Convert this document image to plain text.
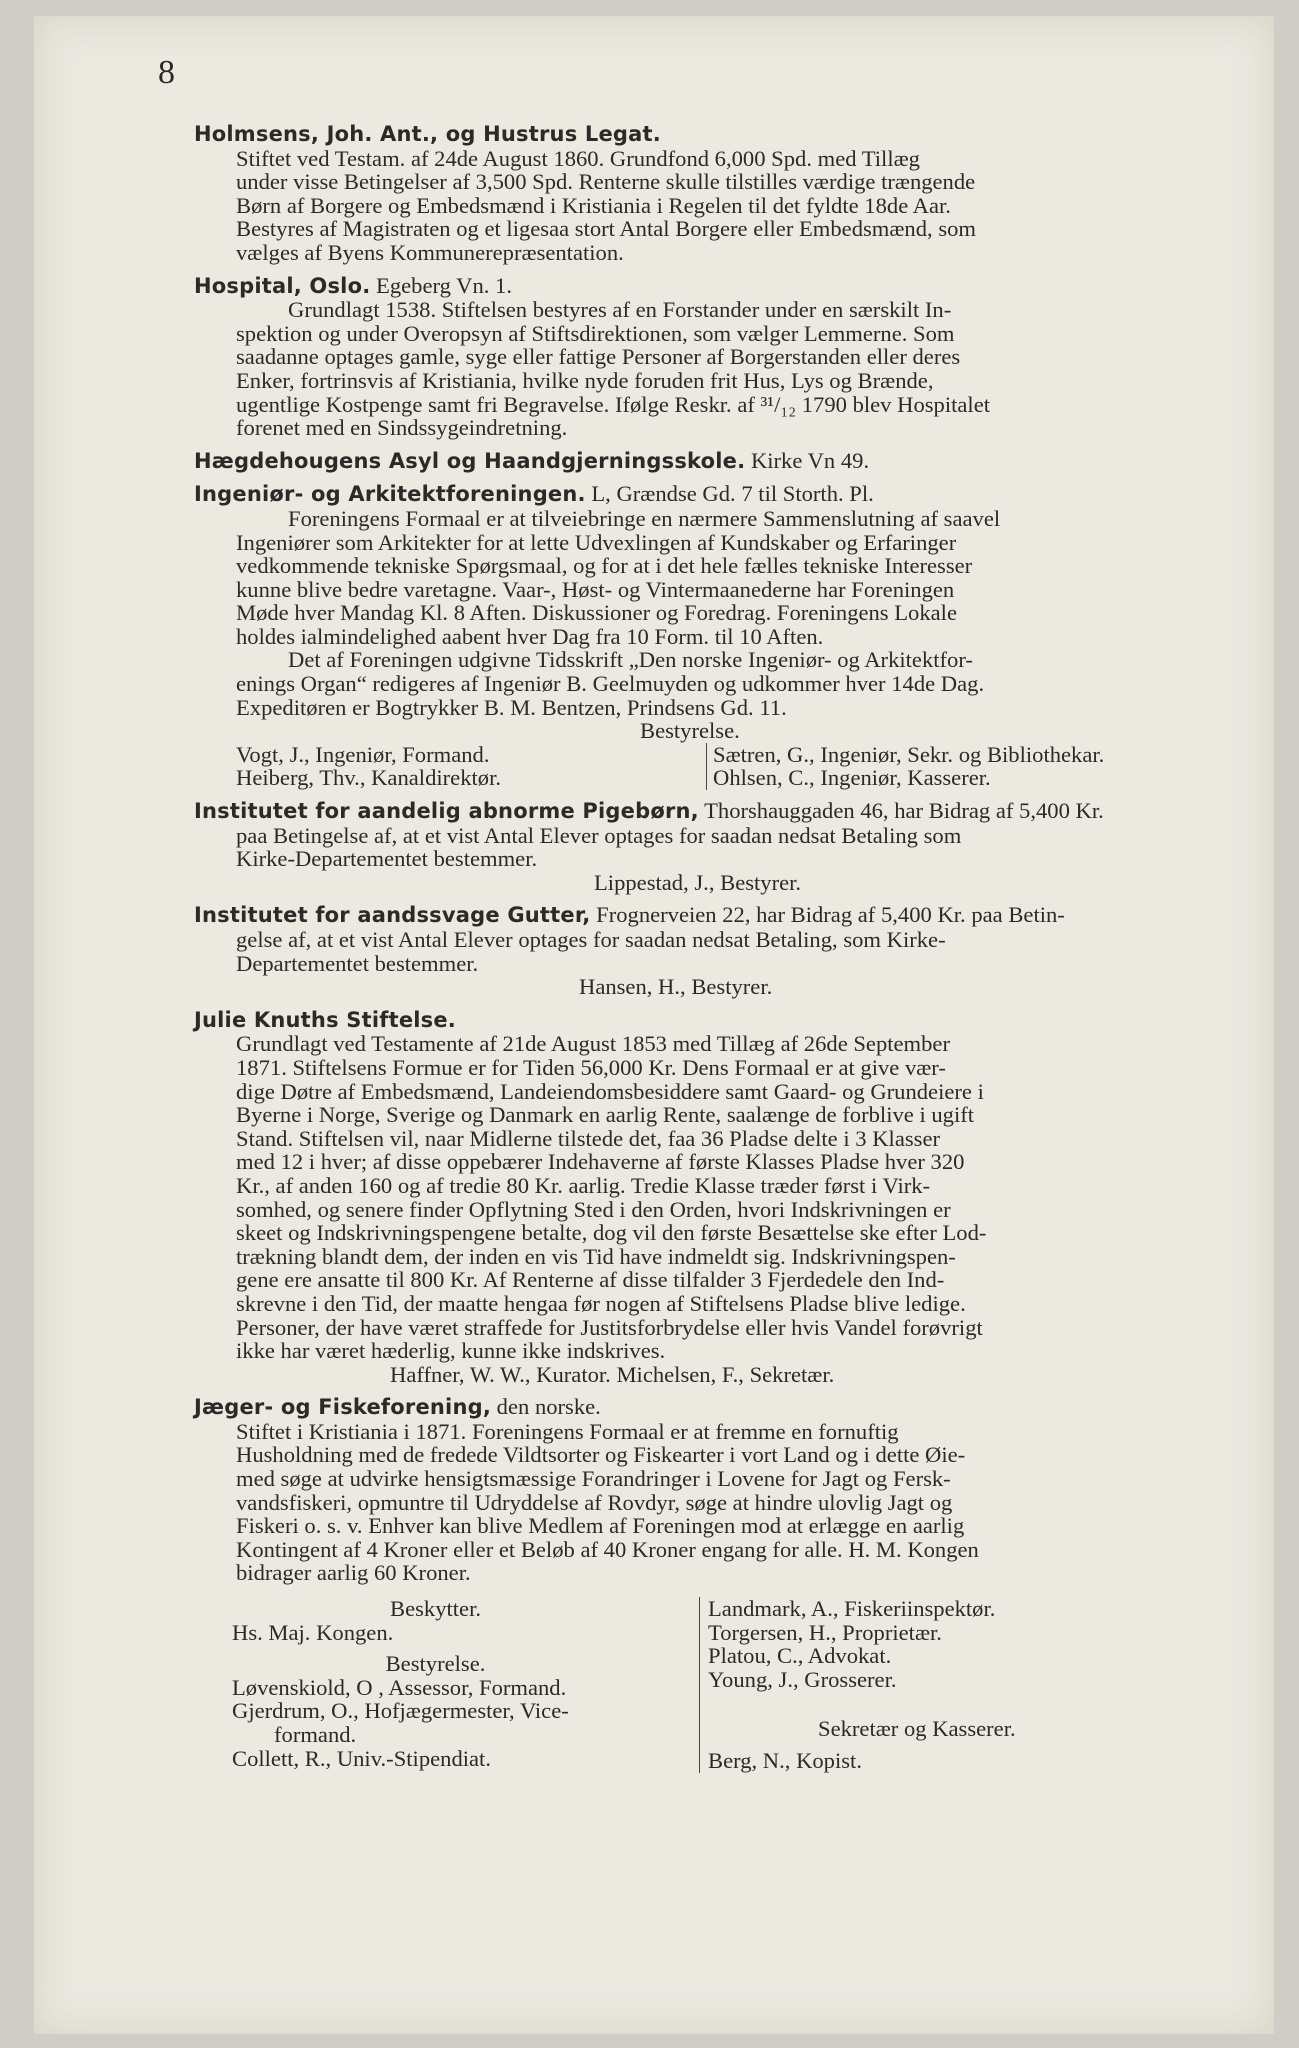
8
Holmsens, Joh. Ant., og Hustrus Legat.
Stiftet ved Testam. af 24de August 1860. Grundfond 6,000 Spd. med Tillæg
under visse Betingelser af 3,500 Spd. Renterne skulle tilstilles værdige trængende
Børn af Borgere og Embedsmænd i Kristiania i Regelen til det fyldte 18de Aar.
Bestyres af Magistraten og et ligesaa stort Antal Borgere eller Embedsmænd, som
vælges af Byens Kommunerepræsentation.
Hospital, Oslo. Egeberg Vn. 1.
Grundlagt 1538. Stiftelsen bestyres af en Forstander under en særskilt In-
spektion og under Overopsyn af Stiftsdirektionen, som vælger Lemmerne. Som
saadanne optages gamle, syge eller fattige Personer af Borgerstanden eller deres
Enker, fortrinsvis af Kristiania, hvilke nyde foruden frit Hus, Lys og Brænde,
ugentlige Kostpenge samt fri Begravelse. Ifølge Reskr. af ³¹/₁₂ 1790 blev Hospitalet
forenet med en Sindssygeindretning.
Hægdehougens Asyl og Haandgjerningsskole. Kirke Vn 49.
Ingeniør- og Arkitektforeningen. L, Grændse Gd. 7 til Storth. Pl.
Foreningens Formaal er at tilveiebringe en nærmere Sammenslutning af saavel
Ingeniører som Arkitekter for at lette Udvexlingen af Kundskaber og Erfaringer
vedkommende tekniske Spørgsmaal, og for at i det hele fælles tekniske Interesser
kunne blive bedre varetagne. Vaar-, Høst- og Vintermaanederne har Foreningen
Møde hver Mandag Kl. 8 Aften. Diskussioner og Foredrag. Foreningens Lokale
holdes ialmindelighed aabent hver Dag fra 10 Form. til 10 Aften.
Det af Foreningen udgivne Tidsskrift „Den norske Ingeniør- og Arkitektfor-
enings Organ“ redigeres af Ingeniør B. Geelmuyden og udkommer hver 14de Dag.
Expeditøren er Bogtrykker B. M. Bentzen, Prindsens Gd. 11.
Bestyrelse.
Vogt, J., Ingeniør, Formand.
Heiberg, Thv., Kanaldirektør.
Sætren, G., Ingeniør, Sekr. og Bibliothekar.
Ohlsen, C., Ingeniør, Kasserer.
Institutet for aandelig abnorme Pigebørn, Thorshauggaden 46, har Bidrag af 5,400 Kr.
paa Betingelse af, at et vist Antal Elever optages for saadan nedsat Betaling som
Kirke-Departementet bestemmer.
Lippestad, J., Bestyrer.
Institutet for aandssvage Gutter, Frognerveien 22, har Bidrag af 5,400 Kr. paa Betin-
gelse af, at et vist Antal Elever optages for saadan nedsat Betaling, som Kirke-
Departementet bestemmer.
Hansen, H., Bestyrer.
Julie Knuths Stiftelse.
Grundlagt ved Testamente af 21de August 1853 med Tillæg af 26de September
1871. Stiftelsens Formue er for Tiden 56,000 Kr. Dens Formaal er at give vær-
dige Døtre af Embedsmænd, Landeiendomsbesiddere samt Gaard- og Grundeiere i
Byerne i Norge, Sverige og Danmark en aarlig Rente, saalænge de forblive i ugift
Stand. Stiftelsen vil, naar Midlerne tilstede det, faa 36 Pladse delte i 3 Klasser
med 12 i hver; af disse oppebærer Indehaverne af første Klasses Pladse hver 320
Kr., af anden 160 og af tredie 80 Kr. aarlig. Tredie Klasse træder først i Virk-
somhed, og senere finder Opflytning Sted i den Orden, hvori Indskrivningen er
skeet og Indskrivningspengene betalte, dog vil den første Besættelse ske efter Lod-
trækning blandt dem, der inden en vis Tid have indmeldt sig. Indskrivningspen-
gene ere ansatte til 800 Kr. Af Renterne af disse tilfalder 3 Fjerdedele den Ind-
skrevne i den Tid, der maatte hengaa før nogen af Stiftelsens Pladse blive ledige.
Personer, der have været straffede for Justitsforbrydelse eller hvis Vandel forøvrigt
ikke har været hæderlig, kunne ikke indskrives.
Haffner, W. W., Kurator. Michelsen, F., Sekretær.
Jæger- og Fiskeforening, den norske.
Stiftet i Kristiania i 1871. Foreningens Formaal er at fremme en fornuftig
Husholdning med de fredede Vildtsorter og Fiskearter i vort Land og i dette Øie-
med søge at udvirke hensigtsmæssige Forandringer i Lovene for Jagt og Fersk-
vandsfiskeri, opmuntre til Udryddelse af Rovdyr, søge at hindre ulovlig Jagt og
Fiskeri o. s. v. Enhver kan blive Medlem af Foreningen mod at erlægge en aarlig
Kontingent af 4 Kroner eller et Beløb af 40 Kroner engang for alle. H. M. Kongen
bidrager aarlig 60 Kroner.
Beskytter.
Hs. Maj. Kongen.
Bestyrelse.
Løvenskiold, O , Assessor, Formand.
Gjerdrum, O., Hofjægermester, Vice-
formand.
Collett, R., Univ.-Stipendiat.
Landmark, A., Fiskeriinspektør.
Torgersen, H., Proprietær.
Platou, C., Advokat.
Young, J., Grosserer.
Sekretær og Kasserer.
Berg, N., Kopist.
